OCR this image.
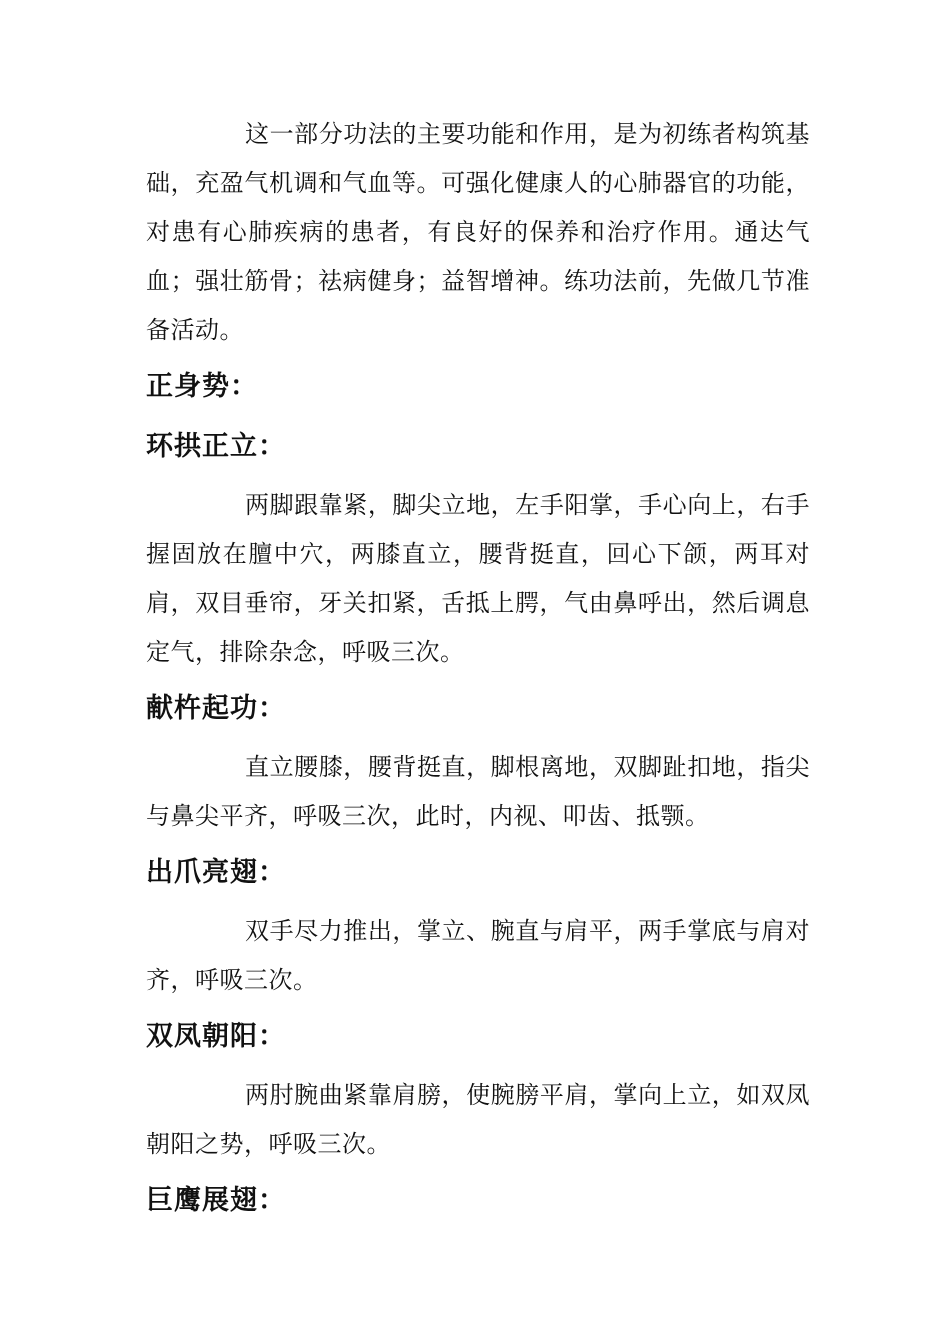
这一部分功法的主要功能和作用，是为初练者构筑基础，充盈气机调和气血等。可强化健康人的心肺器官的功能，对患有心肺疾病的患者，有良好的保养和治疗作用。通达气血；强壮筋骨；祛病健身；益智增神。练功法前，先做几节准备活动。

正身势：
环拱正立：

两脚跟靠紧，脚尖立地，左手阳掌，手心向上，右手握固放在膻中穴，两膝直立，腰背挺直，回心下颌，两耳对肩，双目垂帘，牙关扣紧，舌抵上腭，气由鼻呼出，然后调息定气，排除杂念，呼吸三次。

献杵起功：

直立腰膝，腰背挺直，脚根离地，双脚趾扣地，指尖与鼻尖平齐，呼吸三次，此时，内视、叩齿、抵颚。

出爪亮翅：

双手尽力推出，掌立、腕直与肩平，两手掌底与肩对齐，呼吸三次。

双凤朝阳：

两肘腕曲紧靠肩膀，使腕膀平肩，掌向上立，如双凤朝阳之势，呼吸三次。

巨鹰展翅：
